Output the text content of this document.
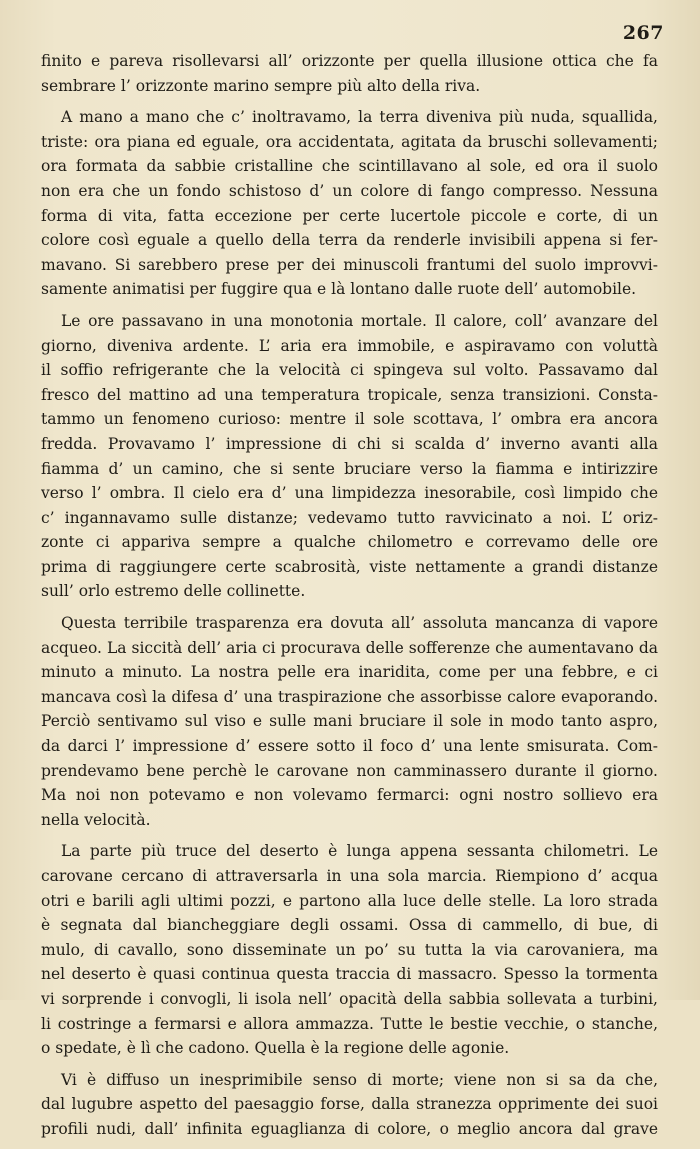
267
finito e pareva risollevarsi all’ orizzonte per quella illusione ottica che fa
sembrare l’ orizzonte marino sempre più alto della riva.
A mano a mano che c’ inoltravamo, la terra diveniva più nuda, squallida,
triste: ora piana ed eguale, ora accidentata, agitata da bruschi sollevamenti;
ora formata da sabbie cristalline che scintillavano al sole, ed ora il suolo
non era che un fondo schistoso d’ un colore di fango compresso. Nessuna
forma di vita, fatta eccezione per certe lucertole piccole e corte, di un
colore così eguale a quello della terra da renderle invisibili appena si fer-
mavano. Si sarebbero prese per dei minuscoli frantumi del suolo improvvi-
samente animatisi per fuggire qua e là lontano dalle ruote dell’ automobile.
Le ore passavano in una monotonia mortale. Il calore, coll’ avanzare del
giorno, diveniva ardente. L’ aria era immobile, e aspiravamo con voluttà
il soffio refrigerante che la velocità ci spingeva sul volto. Passavamo dal
fresco del mattino ad una temperatura tropicale, senza transizioni. Consta-
tammo un fenomeno curioso: mentre il sole scottava, l’ ombra era ancora
fredda. Provavamo l’ impressione di chi si scalda d’ inverno avanti alla
fiamma d’ un camino, che si sente bruciare verso la fiamma e intirizzire
verso l’ ombra. Il cielo era d’ una limpidezza inesorabile, così limpido che
c’ ingannavamo sulle distanze; vedevamo tutto ravvicinato a noi. L’ oriz-
zonte ci appariva sempre a qualche chilometro e correvamo delle ore
prima di raggiungere certe scabrosità, viste nettamente a grandi distanze
sull’ orlo estremo delle collinette.
Questa terribile trasparenza era dovuta all’ assoluta mancanza di vapore
acqueo. La siccità dell’ aria ci procurava delle sofferenze che aumentavano da
minuto a minuto. La nostra pelle era inaridita, come per una febbre, e ci
mancava così la difesa d’ una traspirazione che assorbisse calore evaporando.
Perciò sentivamo sul viso e sulle mani bruciare il sole in modo tanto aspro,
da darci l’ impressione d’ essere sotto il foco d’ una lente smisurata. Com-
prendevamo bene perchè le carovane non camminassero durante il giorno.
Ma noi non potevamo e non volevamo fermarci: ogni nostro sollievo era
nella velocità.
La parte più truce del deserto è lunga appena sessanta chilometri. Le
carovane cercano di attraversarla in una sola marcia. Riempiono d’ acqua
otri e barili agli ultimi pozzi, e partono alla luce delle stelle. La loro strada
è segnata dal biancheggiare degli ossami. Ossa di cammello, di bue, di
mulo, di cavallo, sono disseminate un po’ su tutta la via carovaniera, ma
nel deserto è quasi continua questa traccia di massacro. Spesso la tormenta
vi sorprende i convogli, li isola nell’ opacità della sabbia sollevata a turbini,
li costringe a fermarsi e allora ammazza. Tutte le bestie vecchie, o stanche,
o spedate, è lì che cadono. Quella è la regione delle agonie.
Vi è diffuso un inesprimibile senso di morte; viene non si sa da che,
dal lugubre aspetto del paesaggio forse, dalla stranezza opprimente dei suoi
profili nudi, dall’ infinita eguaglianza di colore, o meglio ancora dal grave
